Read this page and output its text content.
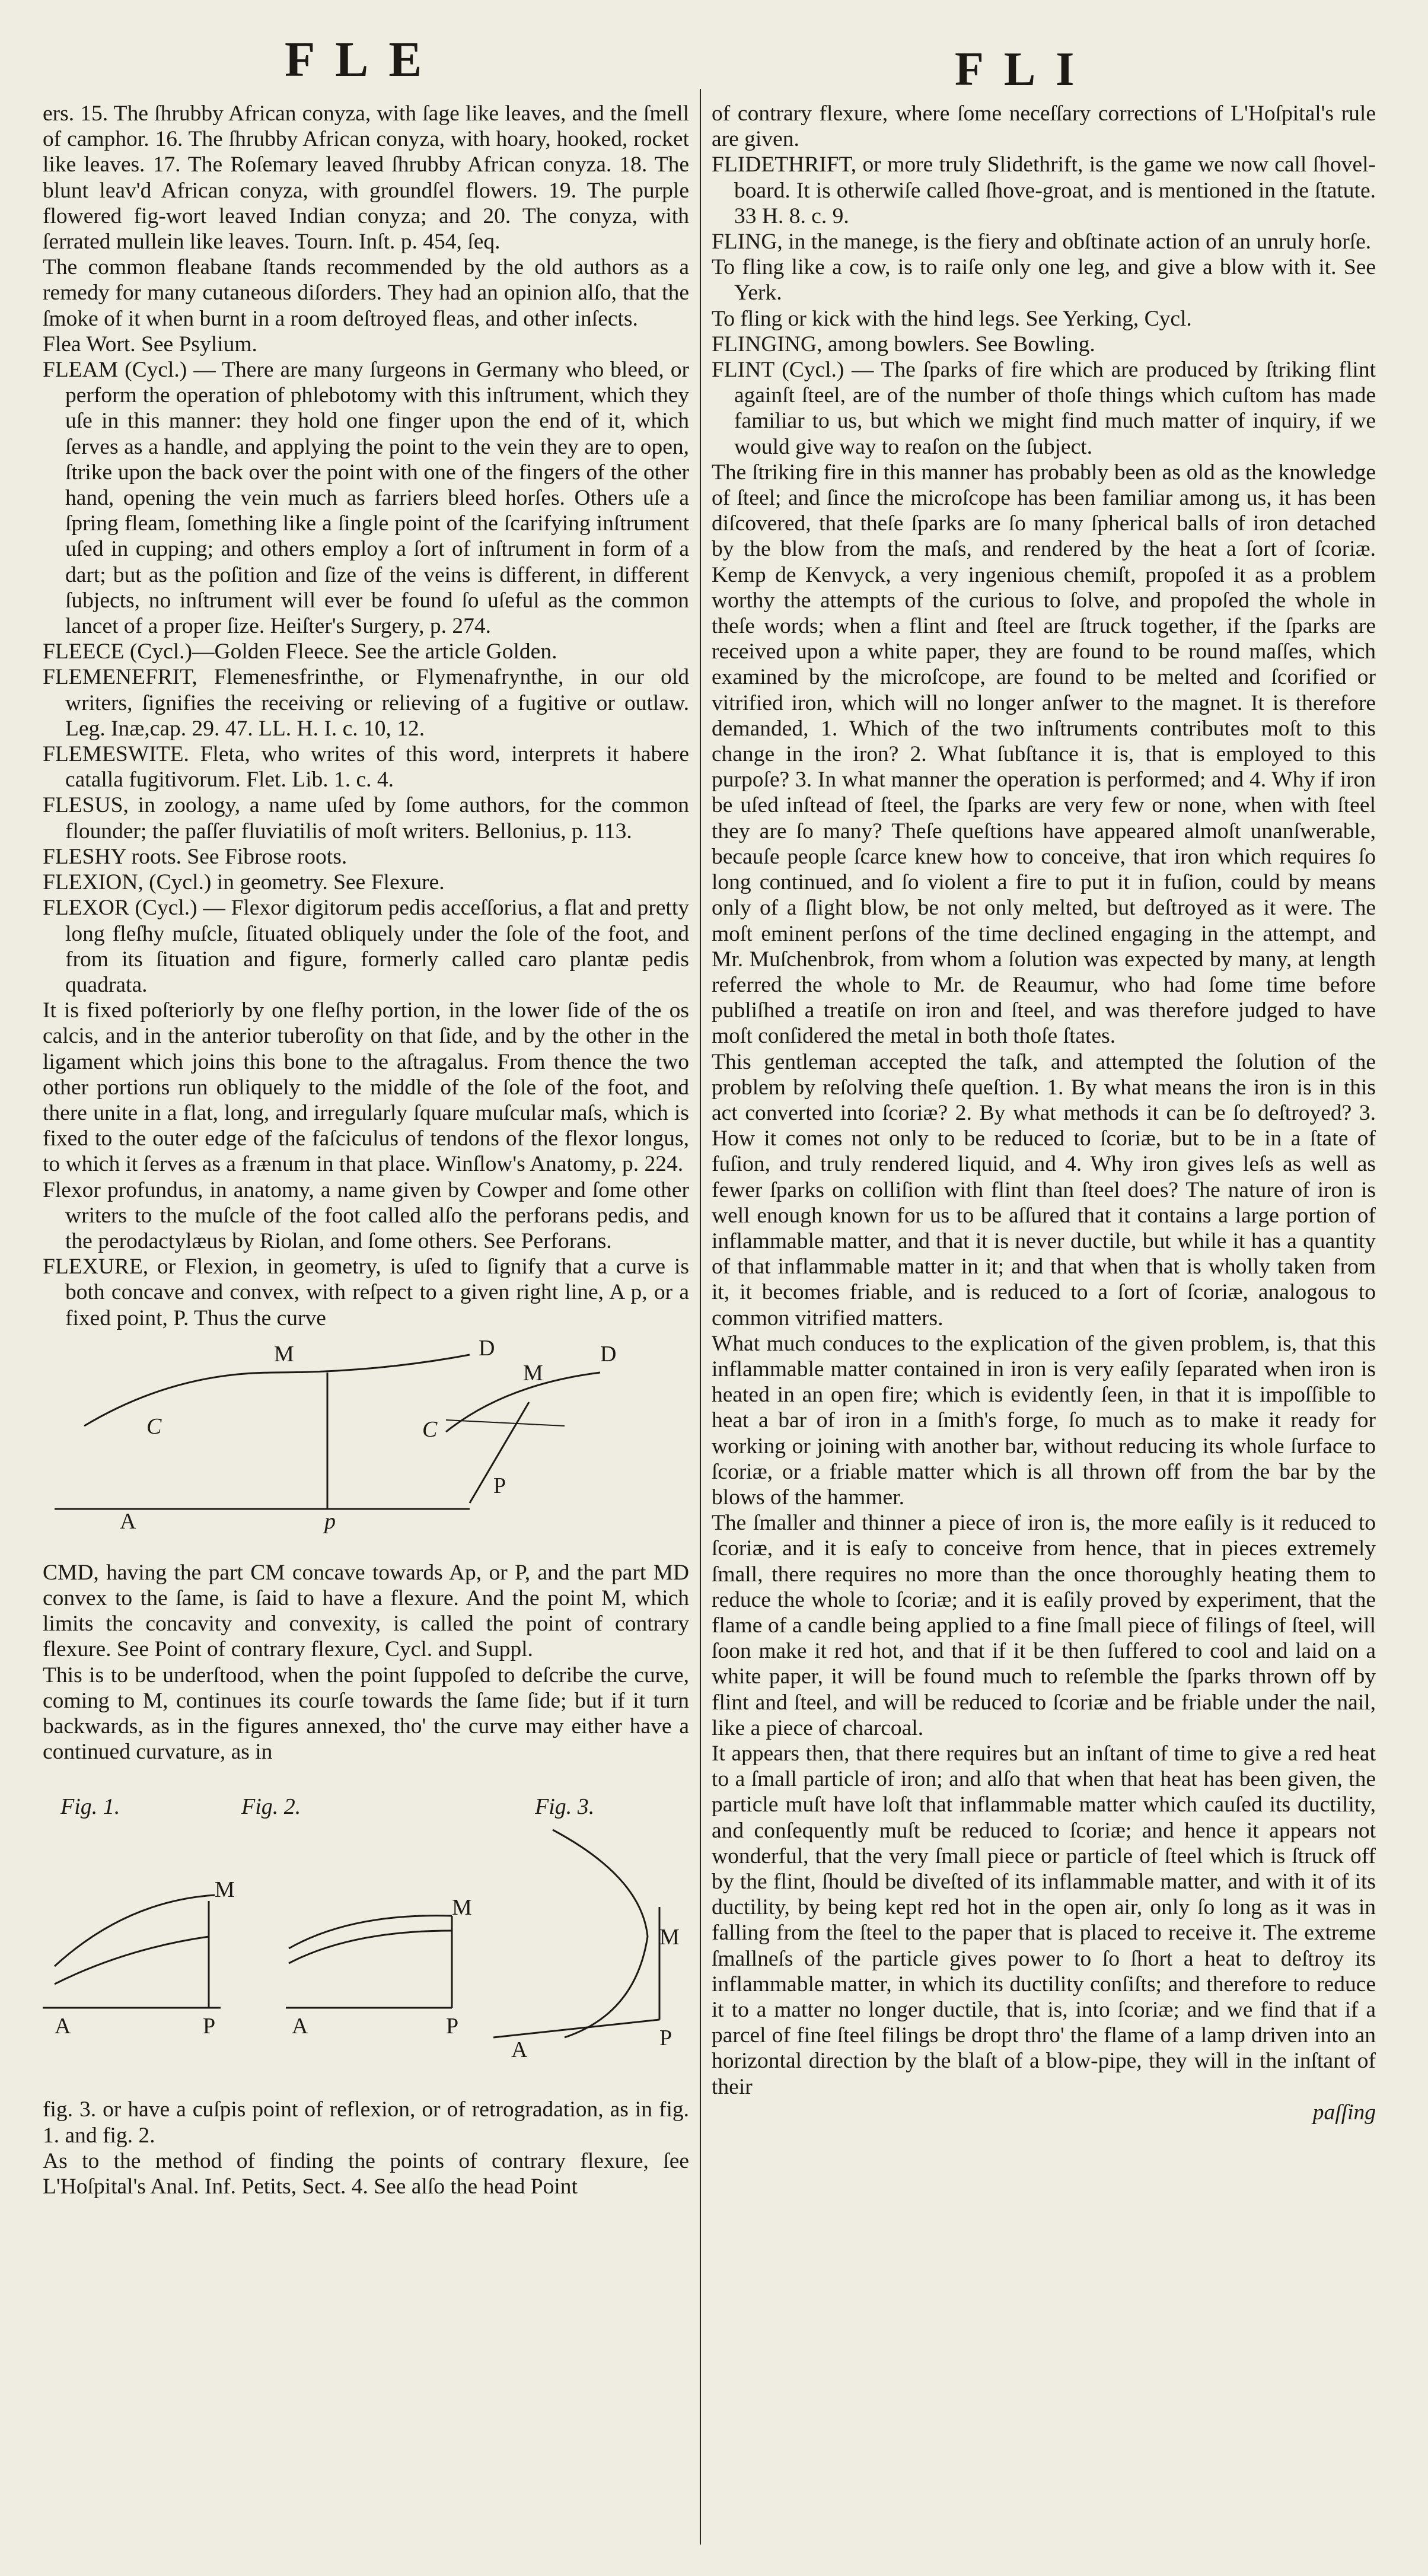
FLE	FLI

ers. 15. The ſhrubby African conyza, with ſage like leaves, and the ſmell of camphor. 16. The ſhrubby African conyza, with hoary, hooked, rocket like leaves. 17. The Roſemary leaved ſhrubby African conyza. 18. The blunt leav'd African conyza, with groundſel flowers. 19. The purple flowered fig-wort leaved Indian conyza; and 20. The conyza, with ſerrated mullein like leaves. Tourn. Inſt. p. 454, ſeq.

The common fleabane ſtands recommended by the old authors as a remedy for many cutaneous diſorders. They had an opinion alſo, that the ſmoke of it when burnt in a room deſtroyed fleas, and other inſects.

Flea Wort. See Psylium.

FLEAM (Cycl.) — There are many ſurgeons in Germany who bleed, or perform the operation of phlebotomy with this inſtrument, which they uſe in this manner: they hold one finger upon the end of it, which ſerves as a handle, and applying the point to the vein they are to open, ſtrike upon the back over the point with one of the fingers of the other hand, opening the vein much as farriers bleed horſes. Others uſe a ſpring fleam, ſomething like a ſingle point of the ſcarifying inſtrument uſed in cupping; and others employ a ſort of inſtrument in form of a dart; but as the poſition and ſize of the veins is different, in different ſubjects, no inſtrument will ever be found ſo uſeful as the common lancet of a proper ſize. Heiſter's Surgery, p. 274.

FLEECE (Cycl.)—Golden Fleece. See the article Golden.

FLEMENEFRIT, Flemenesfrinthe, or Flymenafrynthe, in our old writers, ſignifies the receiving or relieving of a fugitive or outlaw. Leg. Inæ,cap. 29. 47. LL. H. I. c. 10, 12.

FLEMESWITE. Fleta, who writes of this word, interprets it habere catalla fugitivorum. Flet. Lib. 1. c. 4.

FLESUS, in zoology, a name uſed by ſome authors, for the common flounder; the paſſer fluviatilis of moſt writers. Bellonius, p. 113.

FLESHY roots. See Fibrose roots.

FLEXION, (Cycl.) in geometry. See Flexure.

FLEXOR (Cycl.) — Flexor digitorum pedis acceſſorius, a flat and pretty long fleſhy muſcle, ſituated obliquely under the ſole of the foot, and from its ſituation and figure, formerly called caro plantæ pedis quadrata.

It is fixed poſteriorly by one fleſhy portion, in the lower ſide of the os calcis, and in the anterior tuberoſity on that ſide, and by the other in the ligament which joins this bone to the aſtragalus. From thence the two other portions run obliquely to the middle of the ſole of the foot, and there unite in a flat, long, and irregularly ſquare muſcular maſs, which is fixed to the outer edge of the faſciculus of tendons of the flexor longus, to which it ſerves as a frænum in that place. Winſlow's Anatomy, p. 224.

Flexor profundus, in anatomy, a name given by Cowper and ſome other writers to the muſcle of the foot called alſo the perforans pedis, and the perodactylæus by Riolan, and ſome others. See Perforans.

FLEXURE, or Flexion, in geometry, is uſed to ſignify that a curve is both concave and convex, with reſpect to a given right line, A p, or a fixed point, P. Thus the curve

M	D	D
M
C	C
P
A	p

CMD, having the part CM concave towards Ap, or P, and the part MD convex to the ſame, is ſaid to have a flexure. And the point M, which limits the concavity and convexity, is called the point of contrary flexure. See Point of contrary flexure, Cycl. and Suppl.

This is to be underſtood, when the point ſuppoſed to deſcribe the curve, coming to M, continues its courſe towards the ſame ſide; but if it turn backwards, as in the figures annexed, tho' the curve may either have a continued curvature, as in

Fig. 1.	Fig. 2.	Fig. 3.
M
M
M
A	P	A	P
A	P

fig. 3. or have a cuſpis point of reflexion, or of retrogradation, as in fig. 1. and fig. 2.

As to the method of finding the points of contrary flexure, ſee L'Hoſpital's Anal. Inf. Petits, Sect. 4. See alſo the head Point

of contrary flexure, where ſome neceſſary corrections of L'Hoſpital's rule are given.

FLIDETHRIFT, or more truly Slidethrift, is the game we now call ſhovel-board. It is otherwiſe called ſhove-groat, and is mentioned in the ſtatute. 33 H. 8. c. 9.

FLING, in the manege, is the fiery and obſtinate action of an unruly horſe.

To fling like a cow, is to raiſe only one leg, and give a blow with it. See Yerk.

To fling or kick with the hind legs. See Yerking, Cycl.

FLINGING, among bowlers. See Bowling.

FLINT (Cycl.) — The ſparks of fire which are produced by ſtriking flint againſt ſteel, are of the number of thoſe things which cuſtom has made familiar to us, but which we might find much matter of inquiry, if we would give way to reaſon on the ſubject.

The ſtriking fire in this manner has probably been as old as the knowledge of ſteel; and ſince the microſcope has been familiar among us, it has been diſcovered, that theſe ſparks are ſo many ſpherical balls of iron detached by the blow from the maſs, and rendered by the heat a ſort of ſcoriæ. Kemp de Kenvyck, a very ingenious chemiſt, propoſed it as a problem worthy the attempts of the curious to ſolve, and propoſed the whole in theſe words; when a flint and ſteel are ſtruck together, if the ſparks are received upon a white paper, they are found to be round maſſes, which examined by the microſcope, are found to be melted and ſcorified or vitrified iron, which will no longer anſwer to the magnet. It is therefore demanded, 1. Which of the two inſtruments contributes moſt to this change in the iron? 2. What ſubſtance it is, that is employed to this purpoſe? 3. In what manner the operation is performed; and 4. Why if iron be uſed inſtead of ſteel, the ſparks are very few or none, when with ſteel they are ſo many? Theſe queſtions have appeared almoſt unanſwerable, becauſe people ſcarce knew how to conceive, that iron which requires ſo long continued, and ſo violent a fire to put it in fuſion, could by means only of a ſlight blow, be not only melted, but deſtroyed as it were. The moſt eminent perſons of the time declined engaging in the attempt, and Mr. Muſchenbrok, from whom a ſolution was expected by many, at length referred the whole to Mr. de Reaumur, who had ſome time before publiſhed a treatiſe on iron and ſteel, and was therefore judged to have moſt conſidered the metal in both thoſe ſtates.

This gentleman accepted the taſk, and attempted the ſolution of the problem by reſolving theſe queſtion. 1. By what means the iron is in this act converted into ſcoriæ? 2. By what methods it can be ſo deſtroyed? 3. How it comes not only to be reduced to ſcoriæ, but to be in a ſtate of fuſion, and truly rendered liquid, and 4. Why iron gives leſs as well as fewer ſparks on colliſion with flint than ſteel does? The nature of iron is well enough known for us to be aſſured that it contains a large portion of inflammable matter, and that it is never ductile, but while it has a quantity of that inflammable matter in it; and that when that is wholly taken from it, it becomes friable, and is reduced to a ſort of ſcoriæ, analogous to common vitrified matters.

What much conduces to the explication of the given problem, is, that this inflammable matter contained in iron is very eaſily ſeparated when iron is heated in an open fire; which is evidently ſeen, in that it is impoſſible to heat a bar of iron in a ſmith's forge, ſo much as to make it ready for working or joining with another bar, without reducing its whole ſurface to ſcoriæ, or a friable matter which is all thrown off from the bar by the blows of the hammer.

The ſmaller and thinner a piece of iron is, the more eaſily is it reduced to ſcoriæ, and it is eaſy to conceive from hence, that in pieces extremely ſmall, there requires no more than the once thoroughly heating them to reduce the whole to ſcoriæ; and it is eaſily proved by experiment, that the flame of a candle being applied to a fine ſmall piece of filings of ſteel, will ſoon make it red hot, and that if it be then ſuffered to cool and laid on a white paper, it will be found much to reſemble the ſparks thrown off by flint and ſteel, and will be reduced to ſcoriæ and be friable under the nail, like a piece of charcoal.

It appears then, that there requires but an inſtant of time to give a red heat to a ſmall particle of iron; and alſo that when that heat has been given, the particle muſt have loſt that inflammable matter which cauſed its ductility, and conſequently muſt be reduced to ſcoriæ; and hence it appears not wonderful, that the very ſmall piece or particle of ſteel which is ſtruck off by the flint, ſhould be diveſted of its inflammable matter, and with it of its ductility, by being kept red hot in the open air, only ſo long as it was in falling from the ſteel to the paper that is placed to receive it. The extreme ſmallneſs of the particle gives power to ſo ſhort a heat to deſtroy its inflammable matter, in which its ductility conſiſts; and therefore to reduce it to a matter no longer ductile, that is, into ſcoriæ; and we find that if a parcel of fine ſteel filings be dropt thro' the flame of a lamp driven into an horizontal direction by the blaſt of a blow-pipe, they will in the inſtant of their

paſſing
